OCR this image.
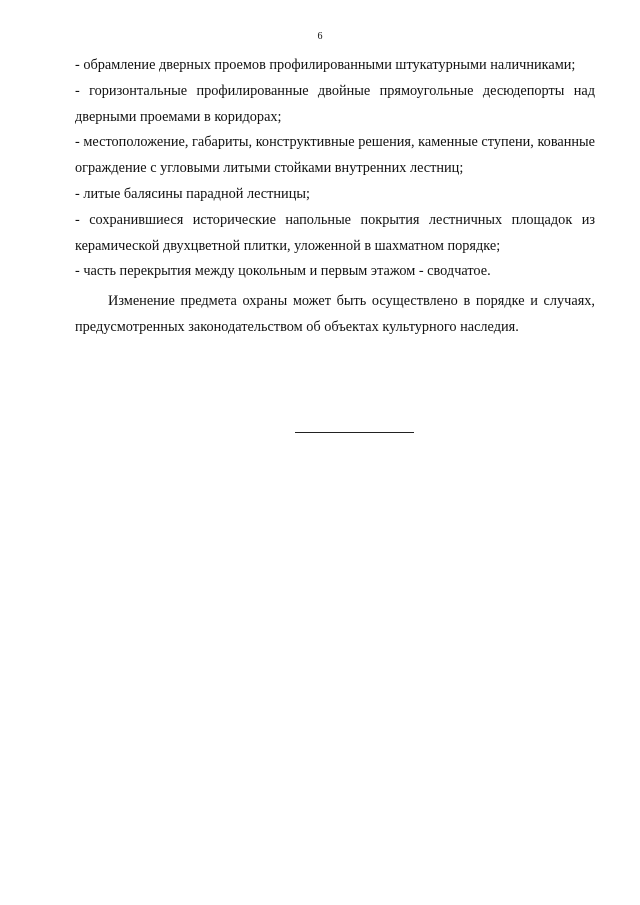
6

- обрамление дверных проемов профилированными штукатурными наличниками;

- горизонтальные профилированные двойные прямоугольные десюдепорты над дверными проемами в коридорах;

- местоположение, габариты, конструктивные решения, каменные ступени, кованные ограждение с угловыми литыми стойками внутренних лестниц;

- литые балясины парадной лестницы;

- сохранившиеся исторические напольные покрытия лестничных площадок из керамической двухцветной плитки, уложенной в шахматном порядке;

- часть перекрытия между цокольным и первым этажом - сводчатое.

Изменение предмета охраны может быть осуществлено в порядке и случаях, предусмотренных законодательством об объектах культурного наследия.
